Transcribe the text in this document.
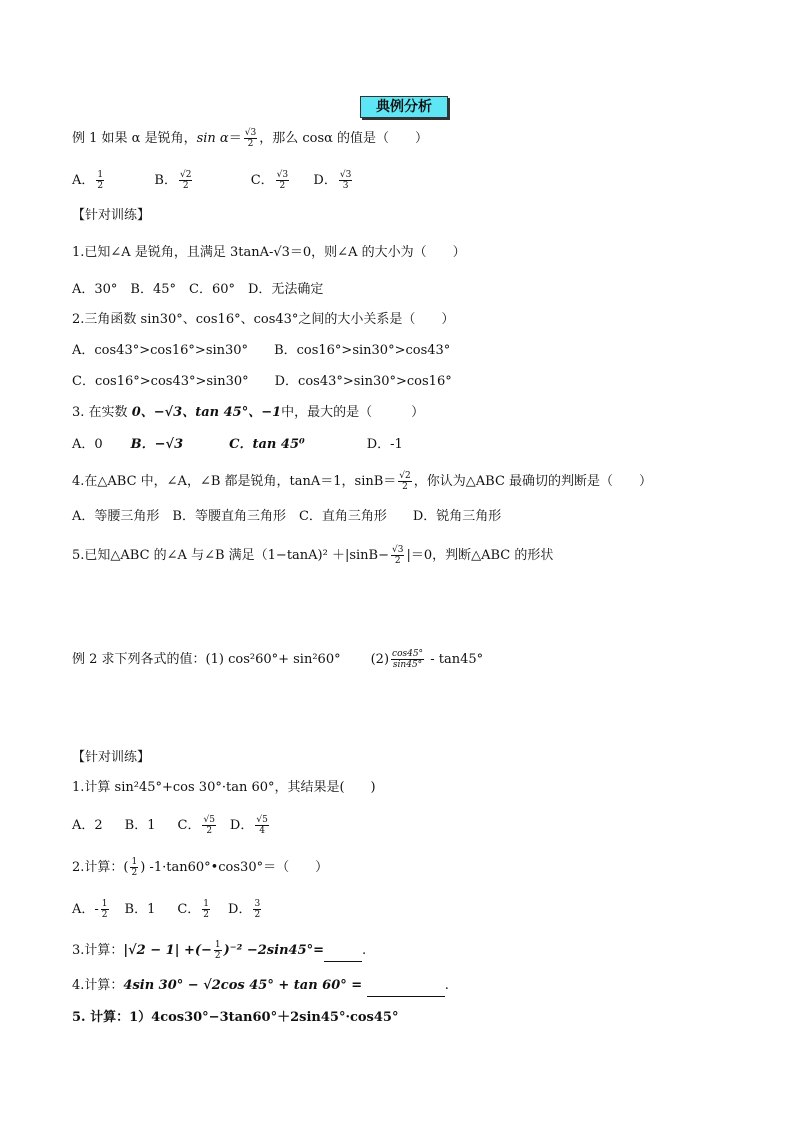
典例分析
例 1 如果 α 是锐角，$\sin \alpha= \frac{√3}{2}$ ，那么 cosα 的值是（　　）
A． $\frac{1}{2}$	B． $\frac{√2}{2}$	C． $\frac{√3}{2}$ D． $\frac{√3}{3}$
【针对训练】
1.已知∠A 是锐角，且满足 3tanA-√3＝0，则∠A 的大小为（　　）
A．30°　B．45°　C．60°　D．无法确定
2.三角函数 sin30°、cos16°、cos43°之间的大小关系是（　　）
A．cos43°>cos16°>sin30° B．cos16°>sin30°>cos43°
C．cos16°>cos43°>sin30° D．cos43°>sin30°>cos16°
3. 在实数 0、−√3、tan 45°、−1中，最大的是（　　　）
A．0 B．−√3	C．tan 45⁰	D．-1
4.在△ABC 中，∠A，∠B 都是锐角，tanA＝1，$\sin B= \frac{√2}{2}$ ，你认为△ABC 最确切的判断是（　　）
A．等腰三角形　B．等腰直角三角形　C．直角三角形　　D．锐角三角形
5.已知△ABC 的∠A 与∠B 满足$(1-\tan A)^2 +|\sin B- \frac{√3}{2} |=0$，判断△ABC 的形状
例 2 求下列各式的值：(1) cos²60°+ sin²60° $(2) \frac{\cos 45^\circ}{\sin 45^\circ} - \tan 45^\circ$
【针对训练】
1.计算 sin²45°+cos 30°·tan 60°，其结果是(　　)
A．2 B．1 C． $\frac{√5}{2}$ D． $\frac{√5}{4}$
2.计算：( $\frac{1}{2}$ ) -1·tan60°•cos30°＝（　　）
A．- $\frac{1}{2}$ B．1 C． $\frac{1}{2}$ D． $\frac{3}{2}$
3.计算：|√2 − 1| +(− $\frac{1}{2} )^{-2} -2\sin 45^\circ=$	.
4.计算：4sin 30° − √2cos 45° + tan 60° =	.
5. 计算：1）4cos30°−3tan60°＋2sin45°·cos45°
